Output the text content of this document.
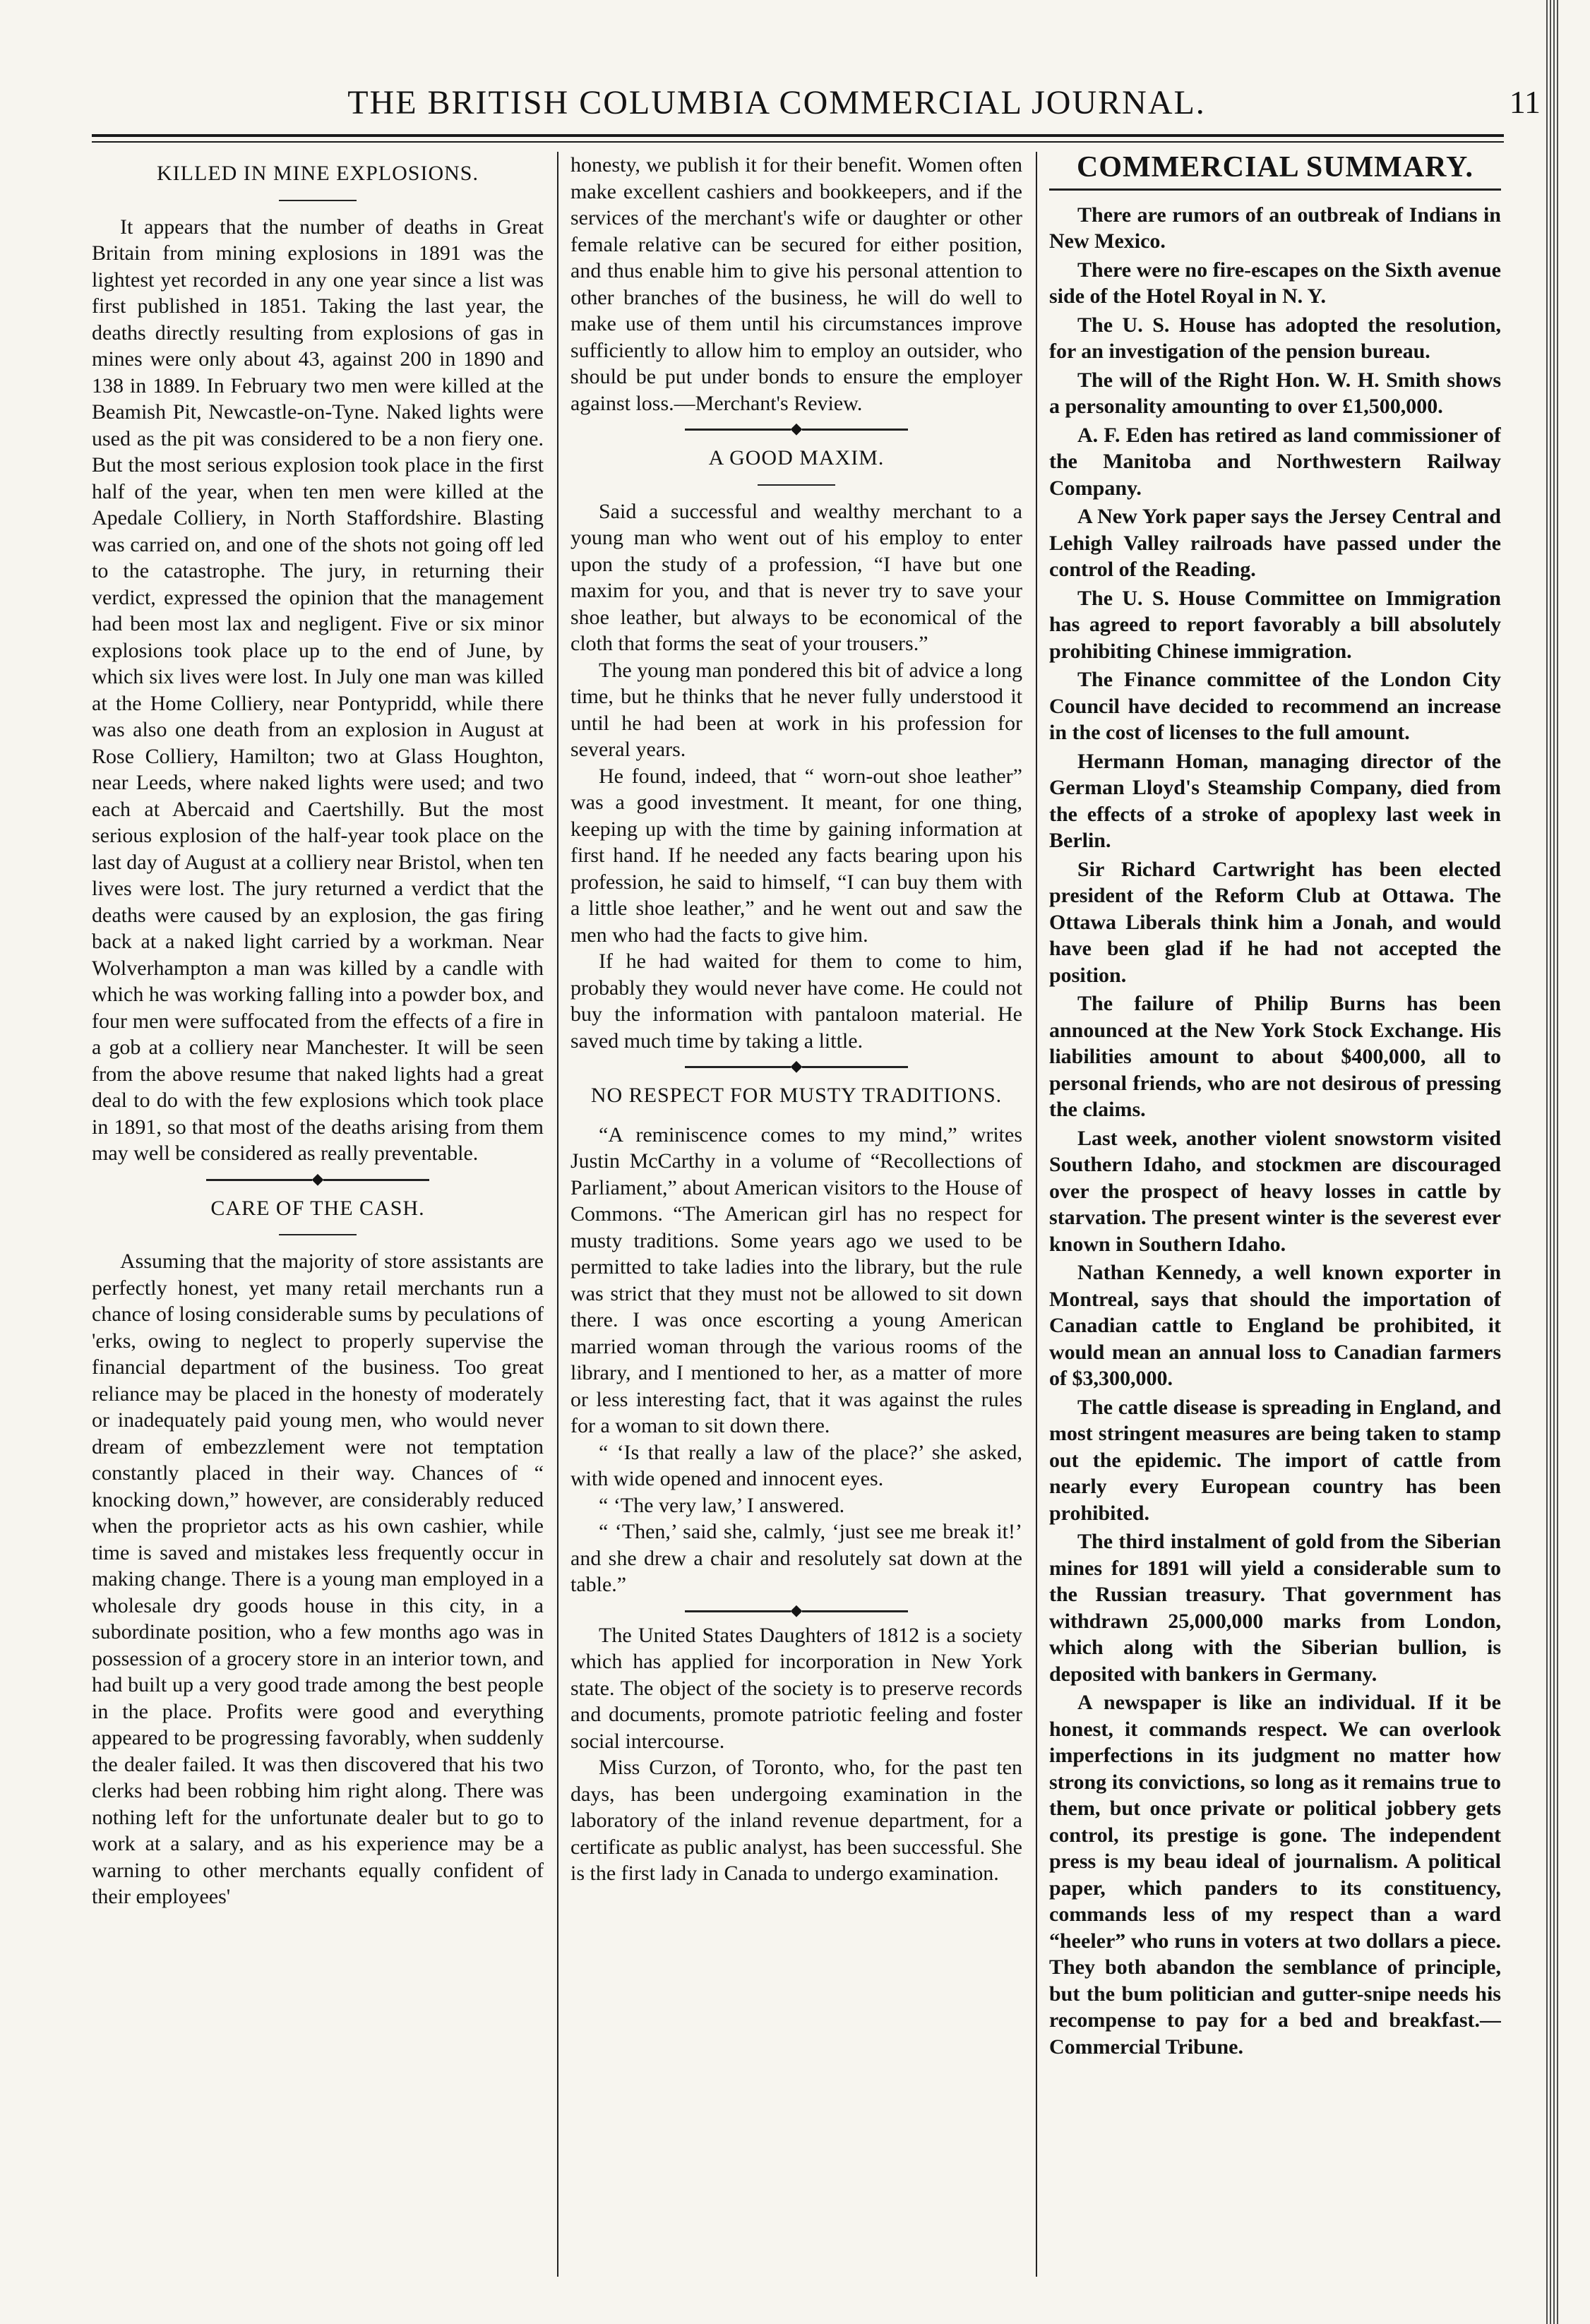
THE BRITISH COLUMBIA COMMERCIAL JOURNAL.	11
KILLED IN MINE EXPLOSIONS.

It appears that the number of deaths in Great Britain from mining explosions in 1891 was the lightest yet recorded in any one year since a list was first published in 1851. Taking the last year, the deaths directly resulting from explosions of gas in mines were only about 43, against 200 in 1890 and 138 in 1889. In February two men were killed at the Beamish Pit, Newcastle-on-Tyne. Naked lights were used as the pit was considered to be a non fiery one. But the most serious explosion took place in the first half of the year, when ten men were killed at the Apedale Colliery, in North Staffordshire. Blasting was carried on, and one of the shots not going off led to the catastrophe. The jury, in returning their verdict, expressed the opinion that the management had been most lax and negligent. Five or six minor explosions took place up to the end of June, by which six lives were lost. In July one man was killed at the Home Colliery, near Pontypridd, while there was also one death from an explosion in August at Rose Colliery, Hamilton; two at Glass Houghton, near Leeds, where naked lights were used; and two each at Abercaid and Caertshilly. But the most serious explosion of the half-year took place on the last day of August at a colliery near Bristol, when ten lives were lost. The jury returned a verdict that the deaths were caused by an explosion, the gas firing back at a naked light carried by a workman. Near Wolverhampton a man was killed by a candle with which he was working falling into a powder box, and four men were suffocated from the effects of a fire in a gob at a colliery near Manchester. It will be seen from the above resume that naked lights had a great deal to do with the few explosions which took place in 1891, so that most of the deaths arising from them may well be considered as really preventable.

◆
CARE OF THE CASH.

Assuming that the majority of store assistants are perfectly honest, yet many retail merchants run a chance of losing considerable sums by peculations of 'erks, owing to neglect to properly supervise the financial department of the business. Too great reliance may be placed in the honesty of moderately or inadequately paid young men, who would never dream of embezzlement were not temptation constantly placed in their way. Chances of “ knocking down,” however, are considerably reduced when the proprietor acts as his own cashier, while time is saved and mistakes less frequently occur in making change. There is a young man employed in a wholesale dry goods house in this city, in a subordinate position, who a few months ago was in possession of a grocery store in an interior town, and had built up a very good trade among the best people in the place. Profits were good and everything appeared to be progressing favorably, when suddenly the dealer failed. It was then discovered that his two clerks had been robbing him right along. There was nothing left for the unfortunate dealer but to go to work at a salary, and as his experience may be a warning to other merchants equally confident of their employees'

honesty, we publish it for their benefit. Women often make excellent cashiers and bookkeepers, and if the services of the merchant's wife or daughter or other female relative can be secured for either position, and thus enable him to give his personal attention to other branches of the business, he will do well to make use of them until his circumstances improve sufficiently to allow him to employ an outsider, who should be put under bonds to ensure the employer against loss.—Merchant's Review.

◆
A GOOD MAXIM.

Said a successful and wealthy merchant to a young man who went out of his employ to enter upon the study of a profession, “I have but one maxim for you, and that is never try to save your shoe leather, but always to be economical of the cloth that forms the seat of your trousers.”

The young man pondered this bit of advice a long time, but he thinks that he never fully understood it until he had been at work in his profession for several years.

He found, indeed, that “ worn-out shoe leather” was a good investment. It meant, for one thing, keeping up with the time by gaining information at first hand. If he needed any facts bearing upon his profession, he said to himself, “I can buy them with a little shoe leather,” and he went out and saw the men who had the facts to give him.

If he had waited for them to come to him, probably they would never have come. He could not buy the information with pantaloon material. He saved much time by taking a little.

◆
NO RESPECT FOR MUSTY TRADITIONS.

“A reminiscence comes to my mind,” writes Justin McCarthy in a volume of “Recollections of Parliament,” about American visitors to the House of Commons. “The American girl has no respect for musty traditions. Some years ago we used to be permitted to take ladies into the library, but the rule was strict that they must not be allowed to sit down there. I was once escorting a young American married woman through the various rooms of the library, and I mentioned to her, as a matter of more or less interesting fact, that it was against the rules for a woman to sit down there.

“ ‘Is that really a law of the place?’ she asked, with wide opened and innocent eyes.

“ ‘The very law,’ I answered.

“ ‘Then,’ said she, calmly, ‘just see me break it!’ and she drew a chair and resolutely sat down at the table.”

◆

The United States Daughters of 1812 is a society which has applied for incorporation in New York state. The object of the society is to preserve records and documents, promote patriotic feeling and foster social intercourse.

Miss Curzon, of Toronto, who, for the past ten days, has been undergoing examination in the laboratory of the inland revenue department, for a certificate as public analyst, has been successful. She is the first lady in Canada to undergo examination.

COMMERCIAL SUMMARY.

There are rumors of an outbreak of Indians in New Mexico.

There were no fire-escapes on the Sixth avenue side of the Hotel Royal in N. Y.

The U. S. House has adopted the resolution, for an investigation of the pension bureau.

The will of the Right Hon. W. H. Smith shows a personality amounting to over £1,500,000.

A. F. Eden has retired as land commissioner of the Manitoba and Northwestern Railway Company.

A New York paper says the Jersey Central and Lehigh Valley railroads have passed under the control of the Reading.

The U. S. House Committee on Immigration has agreed to report favorably a bill absolutely prohibiting Chinese immigration.

The Finance committee of the London City Council have decided to recommend an increase in the cost of licenses to the full amount.

Hermann Homan, managing director of the German Lloyd's Steamship Company, died from the effects of a stroke of apoplexy last week in Berlin.

Sir Richard Cartwright has been elected president of the Reform Club at Ottawa. The Ottawa Liberals think him a Jonah, and would have been glad if he had not accepted the position.

The failure of Philip Burns has been announced at the New York Stock Exchange. His liabilities amount to about $400,000, all to personal friends, who are not desirous of pressing the claims.

Last week, another violent snowstorm visited Southern Idaho, and stockmen are discouraged over the prospect of heavy losses in cattle by starvation. The present winter is the severest ever known in Southern Idaho.

Nathan Kennedy, a well known exporter in Montreal, says that should the importation of Canadian cattle to England be prohibited, it would mean an annual loss to Canadian farmers of $3,300,000.

The cattle disease is spreading in England, and most stringent measures are being taken to stamp out the epidemic. The import of cattle from nearly every European country has been prohibited.

The third instalment of gold from the Siberian mines for 1891 will yield a considerable sum to the Russian treasury. That government has withdrawn 25,000,000 marks from London, which along with the Siberian bullion, is deposited with bankers in Germany.

A newspaper is like an individual. If it be honest, it commands respect. We can overlook imperfections in its judgment no matter how strong its convictions, so long as it remains true to them, but once private or political jobbery gets control, its prestige is gone. The independent press is my beau ideal of journalism. A political paper, which panders to its constituency, commands less of my respect than a ward “heeler” who runs in voters at two dollars a piece. They both abandon the semblance of principle, but the bum politician and gutter-snipe needs his recompense to pay for a bed and breakfast.—Commercial Tribune.
